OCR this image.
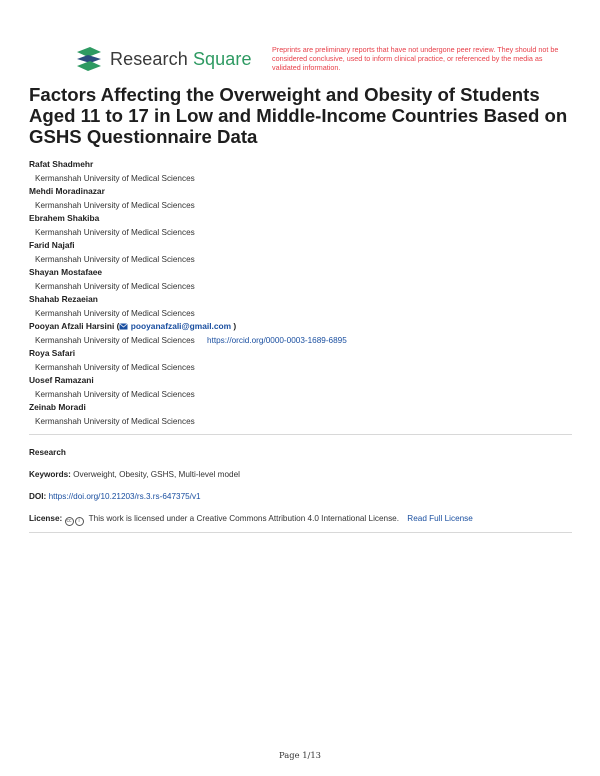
Research Square	Preprints are preliminary reports that have not undergone peer review. They should not be considered conclusive, used to inform clinical practice, or referenced by the media as validated information.
Factors Affecting the Overweight and Obesity of Students Aged 11 to 17 in Low and Middle-Income Countries Based on GSHS Questionnaire Data
Rafat Shadmehr
Kermanshah University of Medical Sciences
Mehdi Moradinazar
Kermanshah University of Medical Sciences
Ebrahem Shakiba
Kermanshah University of Medical Sciences
Farid Najafi
Kermanshah University of Medical Sciences
Shayan Mostafaee
Kermanshah University of Medical Sciences
Shahab Rezaeian
Kermanshah University of Medical Sciences
Pooyan Afzali Harsini ( pooyanafzali@gmail.com )
Kermanshah University of Medical Sciences https://orcid.org/0000-0003-1689-6895
Roya Safari
Kermanshah University of Medical Sciences
Uosef Ramazani
Kermanshah University of Medical Sciences
Zeinab Moradi
Kermanshah University of Medical Sciences
Research
Keywords: Overweight, Obesity, GSHS, Multi-level model
DOI: https://doi.org/10.21203/rs.3.rs-647375/v1
License: cc	i	This work is licensed under a Creative Commons Attribution 4.0 International License. Read Full License
Page 1/13
